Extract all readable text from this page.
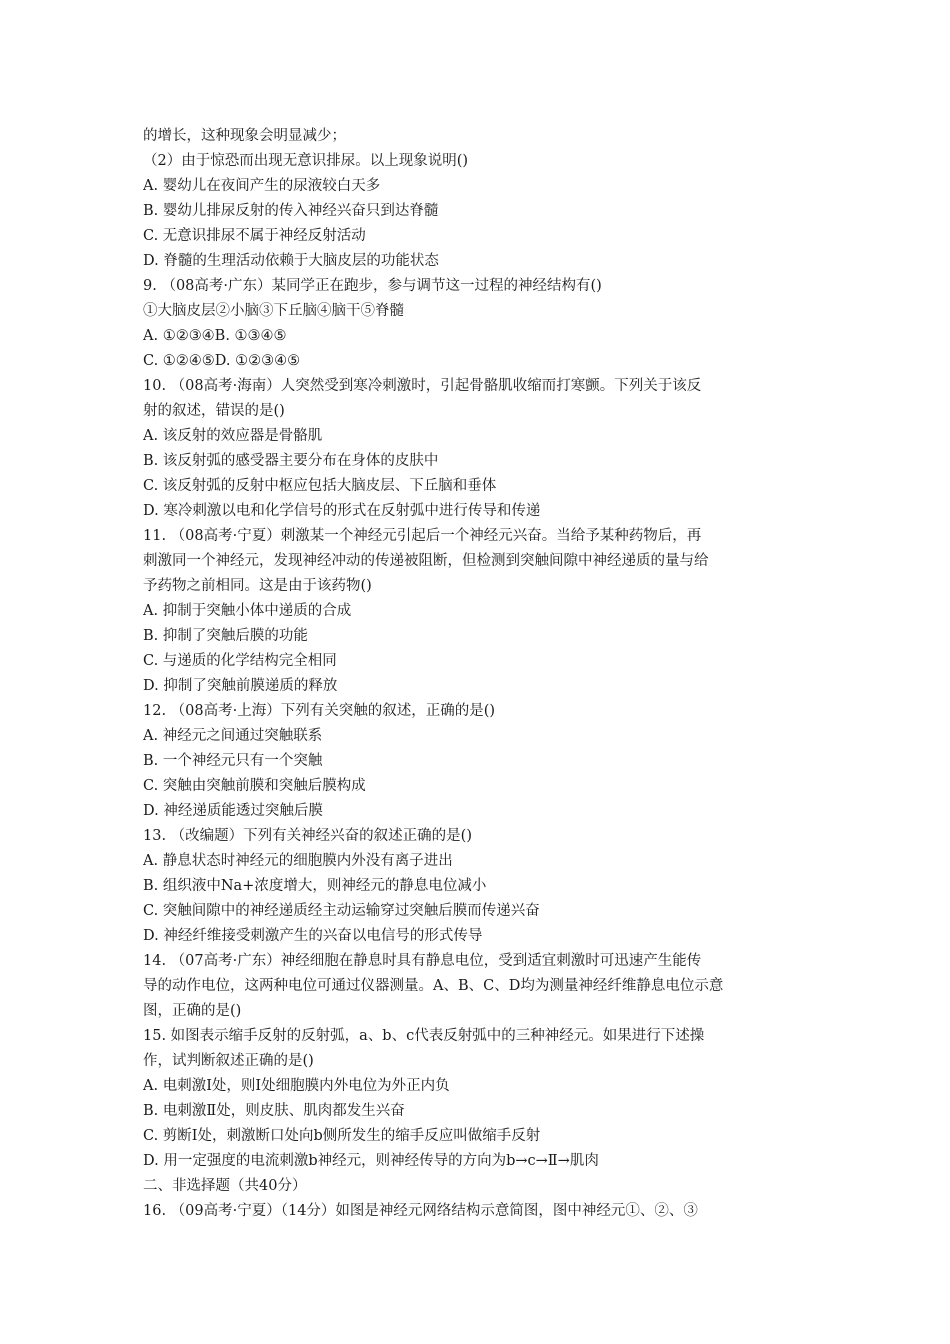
的增长，这种现象会明显减少；
（2）由于惊恐而出现无意识排尿。以上现象说明()
A. 婴幼儿在夜间产生的尿液较白天多
B. 婴幼儿排尿反射的传入神经兴奋只到达脊髓
C. 无意识排尿不属于神经反射活动
D. 脊髓的生理活动依赖于大脑皮层的功能状态
9. （08高考·广东）某同学正在跑步，参与调节这一过程的神经结构有()
①大脑皮层②小脑③下丘脑④脑干⑤脊髓
A. ①②③④B. ①③④⑤
C. ①②④⑤D. ①②③④⑤
10. （08高考·海南）人突然受到寒冷刺激时，引起骨骼肌收缩而打寒颤。下列关于该反
射的叙述，错误的是()
A. 该反射的效应器是骨骼肌
B. 该反射弧的感受器主要分布在身体的皮肤中
C. 该反射弧的反射中枢应包括大脑皮层、下丘脑和垂体
D. 寒冷刺激以电和化学信号的形式在反射弧中进行传导和传递
11. （08高考·宁夏）刺激某一个神经元引起后一个神经元兴奋。当给予某种药物后，再
刺激同一个神经元，发现神经冲动的传递被阻断，但检测到突触间隙中神经递质的量与给
予药物之前相同。这是由于该药物()
A. 抑制于突触小体中递质的合成
B. 抑制了突触后膜的功能
C. 与递质的化学结构完全相同
D. 抑制了突触前膜递质的释放
12. （08高考·上海）下列有关突触的叙述，正确的是()
A. 神经元之间通过突触联系
B. 一个神经元只有一个突触
C. 突触由突触前膜和突触后膜构成
D. 神经递质能透过突触后膜
13. （改编题）下列有关神经兴奋的叙述正确的是()
A. 静息状态时神经元的细胞膜内外没有离子进出
B. 组织液中Na+浓度增大，则神经元的静息电位减小
C. 突触间隙中的神经递质经主动运输穿过突触后膜而传递兴奋
D. 神经纤维接受刺激产生的兴奋以电信号的形式传导
14. （07高考·广东）神经细胞在静息时具有静息电位，受到适宜刺激时可迅速产生能传
导的动作电位，这两种电位可通过仪器测量。A、B、C、D均为测量神经纤维静息电位示意
图，正确的是()
15. 如图表示缩手反射的反射弧，a、b、c代表反射弧中的三种神经元。如果进行下述操
作，试判断叙述正确的是()
A. 电刺激Ⅰ处，则Ⅰ处细胞膜内外电位为外正内负
B. 电刺激Ⅱ处，则皮肤、肌肉都发生兴奋
C. 剪断Ⅰ处，刺激断口处向b侧所发生的缩手反应叫做缩手反射
D. 用一定强度的电流刺激b神经元，则神经传导的方向为b→c→Ⅱ→肌肉
二、非选择题（共40分）
16. （09高考·宁夏）（14分）如图是神经元网络结构示意简图，图中神经元①、②、③
